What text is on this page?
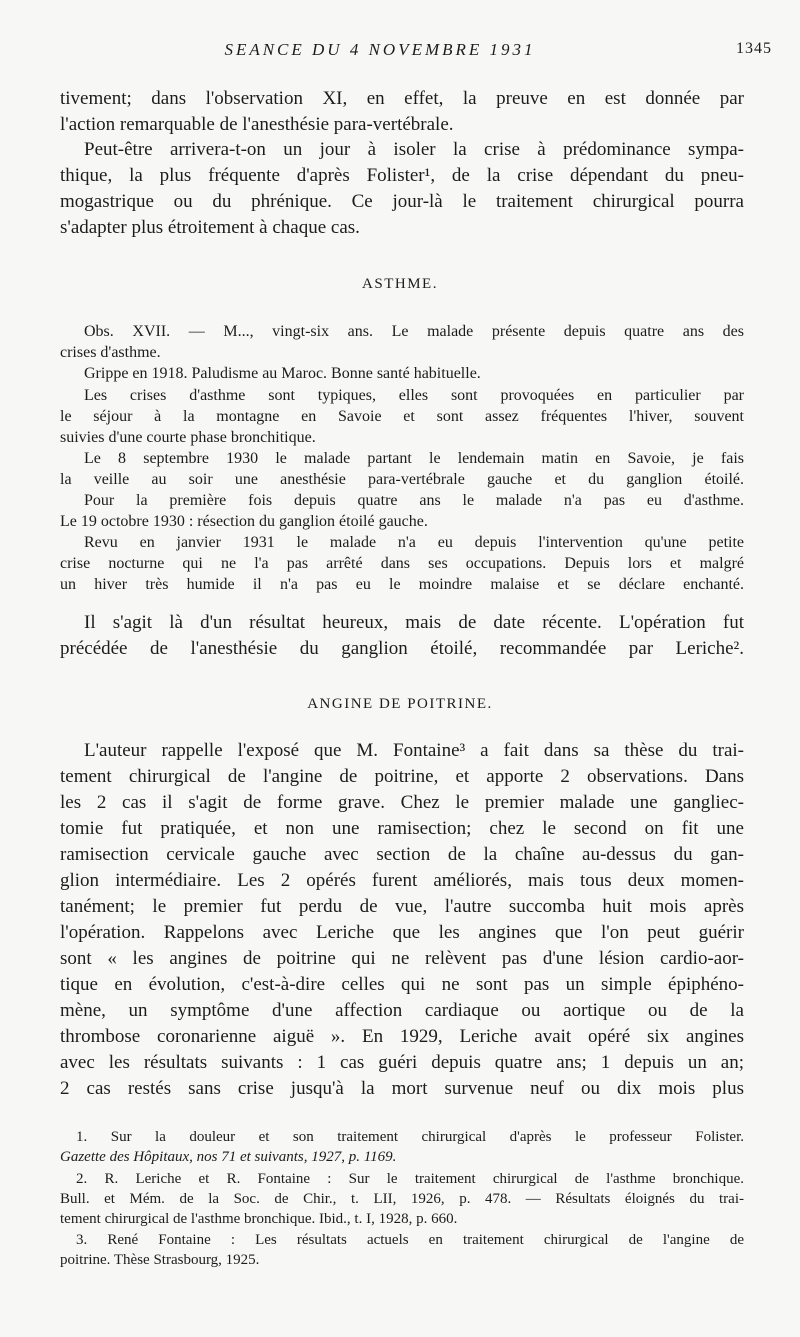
SEANCE DU 4 NOVEMBRE 1931	1345
tivement; dans l'observation XI, en effet, la preuve en est donnée par
l'action remarquable de l'anesthésie para-vertébrale.
Peut-être arrivera-t-on un jour à isoler la crise à prédominance sympa-
thique, la plus fréquente d'après Folister¹, de la crise dépendant du pneu-
mogastrique ou du phrénique. Ce jour-là le traitement chirurgical pourra
s'adapter plus étroitement à chaque cas.
ASTHME.
Obs. XVII. — M..., vingt-six ans. Le malade présente depuis quatre ans des
crises d'asthme.
Grippe en 1918. Paludisme au Maroc. Bonne santé habituelle.
Les crises d'asthme sont typiques, elles sont provoquées en particulier par
le séjour à la montagne en Savoie et sont assez fréquentes l'hiver, souvent
suivies d'une courte phase bronchitique.
Le 8 septembre 1930 le malade partant le lendemain matin en Savoie, je fais
la veille au soir une anesthésie para-vertébrale gauche et du ganglion étoilé.
Pour la première fois depuis quatre ans le malade n'a pas eu d'asthme.
Le 19 octobre 1930 : résection du ganglion étoilé gauche.
Revu en janvier 1931 le malade n'a eu depuis l'intervention qu'une petite
crise nocturne qui ne l'a pas arrêté dans ses occupations. Depuis lors et malgré
un hiver très humide il n'a pas eu le moindre malaise et se déclare enchanté.
Il s'agit là d'un résultat heureux, mais de date récente. L'opération fut
précédée de l'anesthésie du ganglion étoilé, recommandée par Leriche².
ANGINE DE POITRINE.
L'auteur rappelle l'exposé que M. Fontaine³ a fait dans sa thèse du trai-
tement chirurgical de l'angine de poitrine, et apporte 2 observations. Dans
les 2 cas il s'agit de forme grave. Chez le premier malade une gangliec-
tomie fut pratiquée, et non une ramisection; chez le second on fit une
ramisection cervicale gauche avec section de la chaîne au-dessus du gan-
glion intermédiaire. Les 2 opérés furent améliorés, mais tous deux momen-
tanément; le premier fut perdu de vue, l'autre succomba huit mois après
l'opération. Rappelons avec Leriche que les angines que l'on peut guérir
sont « les angines de poitrine qui ne relèvent pas d'une lésion cardio-aor-
tique en évolution, c'est-à-dire celles qui ne sont pas un simple épiphéno-
mène, un symptôme d'une affection cardiaque ou aortique ou de la
thrombose coronarienne aiguë ». En 1929, Leriche avait opéré six angines
avec les résultats suivants : 1 cas guéri depuis quatre ans; 1 depuis un an;
2 cas restés sans crise jusqu'à la mort survenue neuf ou dix mois plus
1. Sur la douleur et son traitement chirurgical d'après le professeur Folister.
Gazette des Hôpitaux, nos 71 et suivants, 1927, p. 1169.
2. R. Leriche et R. Fontaine : Sur le traitement chirurgical de l'asthme bronchique.
Bull. et Mém. de la Soc. de Chir., t. LII, 1926, p. 478. — Résultats éloignés du trai-
tement chirurgical de l'asthme bronchique. Ibid., t. I, 1928, p. 660.
3. René Fontaine : Les résultats actuels en traitement chirurgical de l'angine de
poitrine. Thèse Strasbourg, 1925.
